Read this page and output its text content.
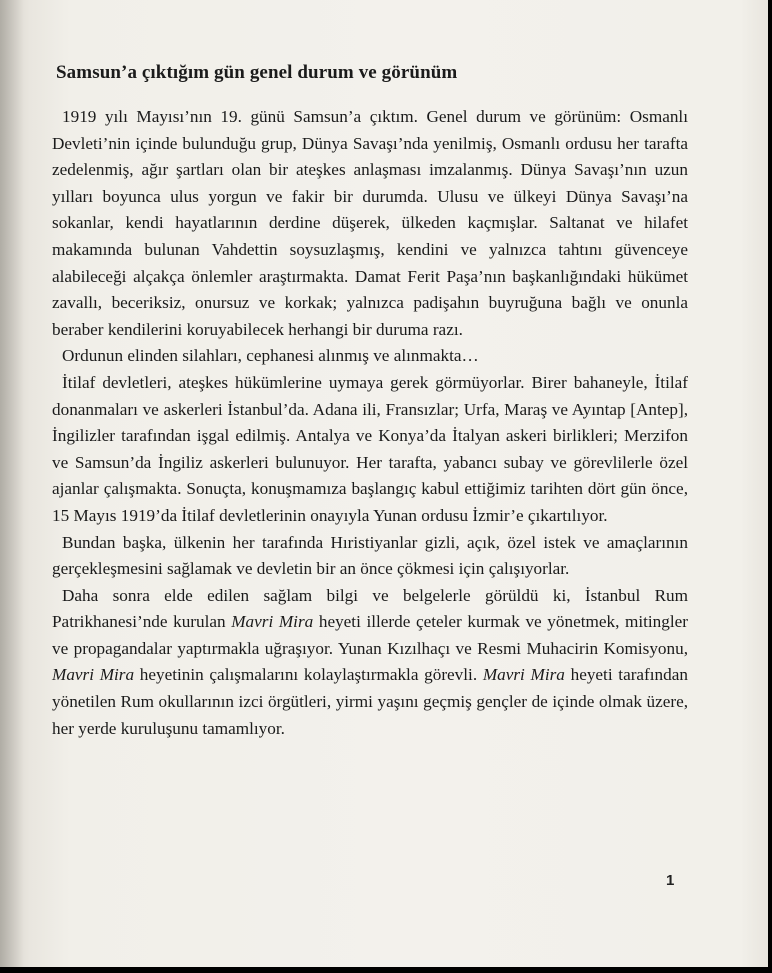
Samsun’a çıktığım gün genel durum ve görünüm

1919 yılı Mayısı’nın 19. günü Samsun’a çıktım. Genel durum ve görünüm: Osmanlı Devleti’nin içinde bulunduğu grup, Dünya Savaşı’nda yenilmiş, Osmanlı ordusu her tarafta zedelenmiş, ağır şartları olan bir ateşkes anlaşması imzalanmış. Dünya Savaşı’nın uzun yılları boyunca ulus yorgun ve fakir bir durumda. Ulusu ve ülkeyi Dünya Savaşı’na sokanlar, kendi hayatlarının derdine düşerek, ülkeden kaçmışlar. Saltanat ve hilafet makamında bulunan Vahdettin soysuzlaşmış, kendini ve yalnızca tahtını güvenceye alabileceği alçakça önlemler araştırmakta. Damat Ferit Paşa’nın başkanlığındaki hükümet zavallı, beceriksiz, onursuz ve korkak; yalnızca padişahın buyruğuna bağlı ve onunla beraber kendilerini koruyabilecek herhangi bir duruma razı.

Ordunun elinden silahları, cephanesi alınmış ve alınmakta…

İtilaf devletleri, ateşkes hükümlerine uymaya gerek görmüyorlar. Birer bahaneyle, İtilaf donanmaları ve askerleri İstanbul’da. Adana ili, Fransızlar; Urfa, Maraş ve Ayıntap [Antep], İngilizler tarafından işgal edilmiş. Antalya ve Konya’da İtalyan askeri birlikleri; Merzifon ve Samsun’da İngiliz askerleri bulunuyor. Her tarafta, yabancı subay ve görevlilerle özel ajanlar çalışmakta. Sonuçta, konuşmamıza başlangıç kabul ettiğimiz tarihten dört gün önce, 15 Mayıs 1919’da İtilaf devletlerinin onayıyla Yunan ordusu İzmir’e çıkartılıyor.

Bundan başka, ülkenin her tarafında Hıristiyanlar gizli, açık, özel istek ve amaçlarının gerçekleşmesini sağlamak ve devletin bir an önce çökmesi için çalışıyorlar.

Daha sonra elde edilen sağlam bilgi ve belgelerle görüldü ki, İstanbul Rum Patrikhanesi’nde kurulan Mavri Mira heyeti illerde çeteler kurmak ve yönetmek, mitingler ve propagandalar yaptırmakla uğraşıyor. Yunan Kızılhaçı ve Resmi Muhacirin Komisyonu, Mavri Mira heyetinin çalışmalarını kolaylaştırmakla görevli. Mavri Mira heyeti tarafından yönetilen Rum okullarının izci örgütleri, yirmi yaşını geçmiş gençler de içinde olmak üzere, her yerde kuruluşunu tamamlıyor.

1
